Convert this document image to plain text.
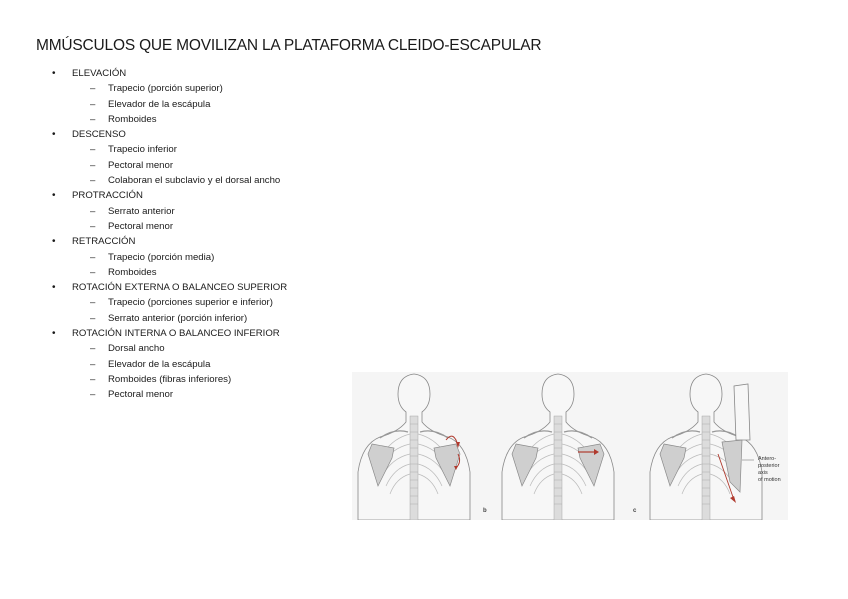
MMÚSCULOS QUE MOVILIZAN LA PLATAFORMA CLEIDO-ESCAPULAR
• ELEVACIÓN
– Trapecio (porción superior)
– Elevador de la escápula
– Romboides
• DESCENSO
– Trapecio inferior
– Pectoral menor
– Colaboran el subclavio y el dorsal ancho
• PROTRACCIÓN
– Serrato anterior
– Pectoral menor
• RETRACCIÓN
– Trapecio (porción media)
– Romboides
• ROTACIÓN EXTERNA O BALANCEO SUPERIOR
– Trapecio (porciones superior e inferior)
– Serrato anterior (porción inferior)
• ROTACIÓN INTERNA O BALANCEO INFERIOR
– Dorsal ancho
– Elevador de la escápula
– Romboides (fibras inferiores)
– Pectoral menor
b	c
Antero-
posterior
axis
of motion
